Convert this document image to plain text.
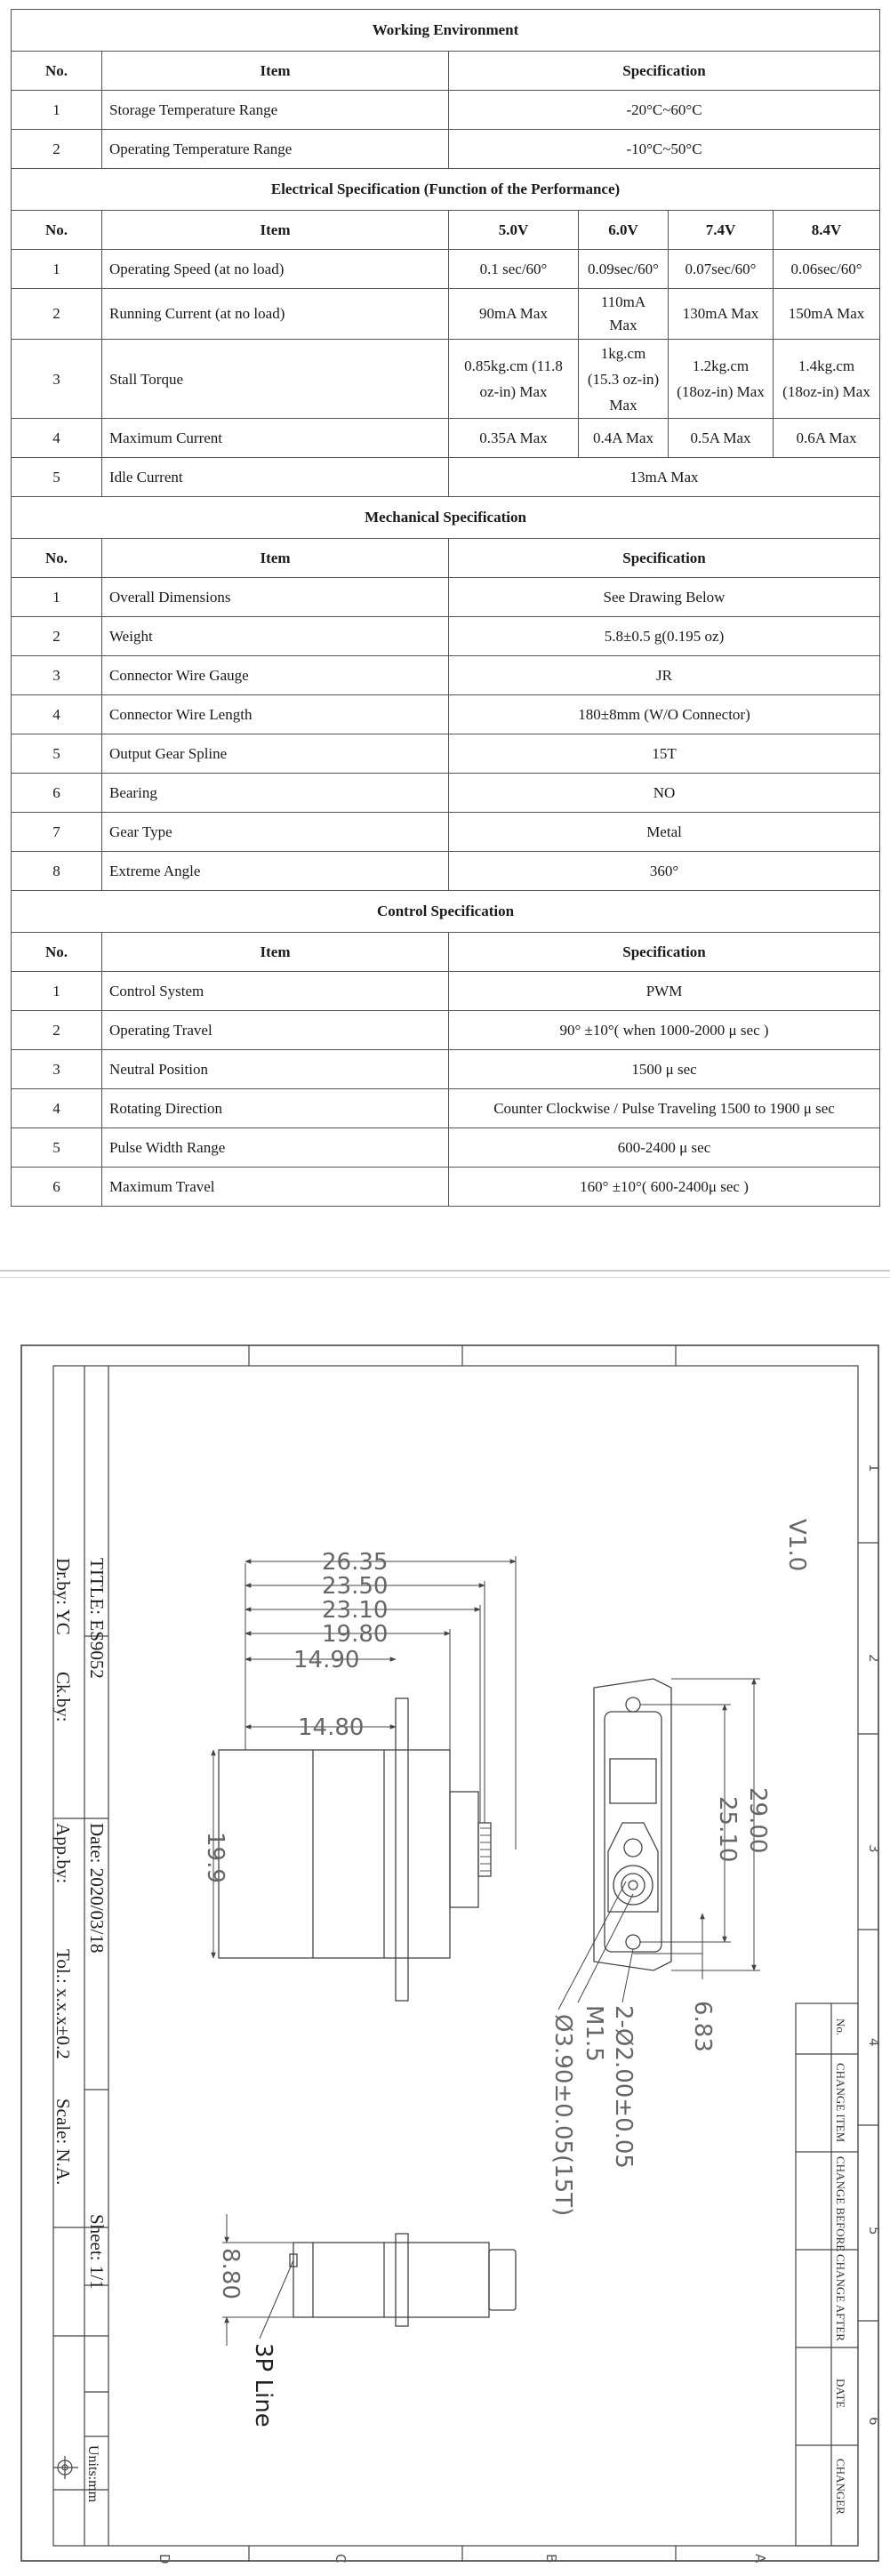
Working Environment					
No.	Item	Specification			
1	Storage Temperature Range	-20°C~60°C			
2	Operating Temperature Range	-10°C~50°C			
Electrical Specification (Function of the Performance)					
No.	Item	5.0V	6.0V	7.4V	8.4V
1	Operating Speed (at no load)	0.1 sec/60°	0.09sec/60°	0.07sec/60°	0.06sec/60°
2	Running Current (at no load)	90mA Max	110mA Max	130mA Max	150mA Max
3	Stall Torque	0.85kg.cm (11.8 oz-in) Max	1kg.cm (15.3 oz-in) Max	1.2kg.cm (18oz-in) Max	1.4kg.cm (18oz-in) Max
4	Maximum Current	0.35A Max	0.4A Max	0.5A Max	0.6A Max
5	Idle Current	13mA Max			
Mechanical Specification					
No.	Item	Specification			
1	Overall Dimensions	See Drawing Below			
2	Weight	5.8±0.5 g(0.195 oz)			
3	Connector Wire Gauge	JR			
4	Connector Wire Length	180±8mm (W/O Connector)			
5	Output Gear Spline	15T			
6	Bearing	NO			
7	Gear Type	Metal			
8	Extreme Angle	360°			
Control Specification					
No.	Item	Specification			
1	Control System	PWM			
2	Operating Travel	90° ±10°( when 1000-2000 μ sec )			
3	Neutral Position	1500 μ sec			
4	Rotating Direction	Counter Clockwise / Pulse Traveling 1500 to 1900 μ sec			
5	Pulse Width Range	600-2400 μ sec			
6	Maximum Travel	160° ±10°( 600-2400μ sec )			
1
2
3
4
5
6
D	C	B	A
V1.0
TITLE: ES9052
Dr.by: YC
Ck.by:
Date: 2020/03/18
App.by:
Tol.: x.x.x±0.2
Scale: N.A.
Sheet: 1/1
Units:mm
No.
CHANGE ITEM
CHANGE BEFORE
CHANGE AFTER
DATE
CHANGER
26.35
23.50
23.10
19.80
14.90
14.80
19.9
29.00
25.10
6.83
M1.5
Ø3.90±0.05(15T) 2-Ø2.00±0.05
8.80
3P Line
